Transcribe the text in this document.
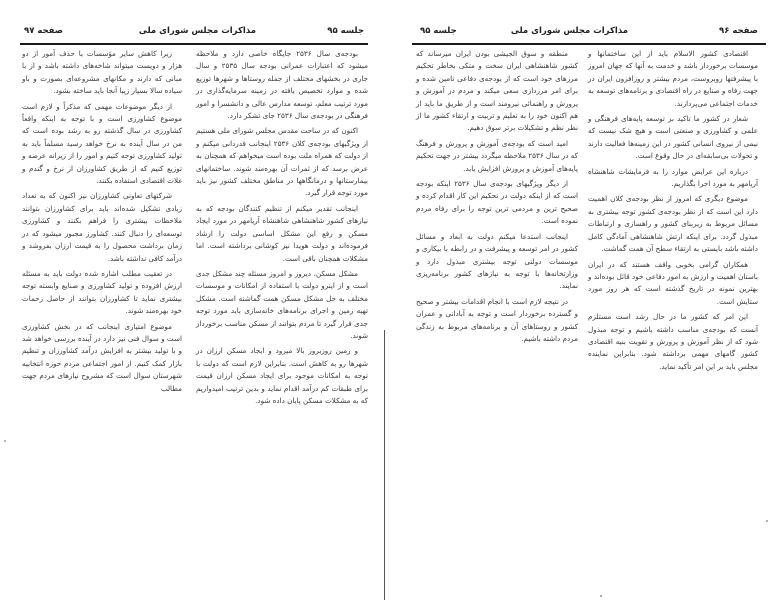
جلسه ۹۵
مذاکرات مجلس شورای ملی
صفحه ۹۷

زیرا کاهش سایر مؤسسات با حذف آمور از دو هزار و دویست میتواند شاخه‌های داشته باشد و از با مبانی که دارند و مکانهای مشروعه‌ای بصورت و باو سیاده سالا بسیار زیبا آنجا باید ساخته بشود.

از دیگر موضوعات مهمی که مذکراً و لازم است موضوع کشاورزی است و با توجه به اینکه واقعاً کشاورزی در سال گذشته رو به رشد بوده است که من در سال آینده به نرخ خواهد رسید مسلماً باید به تولید کشاورزی توجه کنیم و امور را از زیرانه عرضه و توزیع کنیم که از طریق کشاورزان از نرخ و گندم و غلات اقتصادی استفاده بکنند.

شرکتهای تعاونی کشاورزان نیز اکنون که به تعداد زیادی تشکیل شده‌اند باید برای کشاورزان بتوانند ملاحظات بیشتری را فراهم بکنند و کشاورزی توسعه‌ای را دنبال کنند. کشاورز مجبور میشود که در زمان برداشت محصول را به قیمت ارزان بفروشد و درآمد کافی نداشته باشد.

در تعقیب مطلب اشاره شده دولت باید به مسئله ارزش افزوده و تولید کشاورزی و صنایع وابسته توجه بیشتری نماید تا کشاورزان بتوانند از حاصل زحمات خود بهره‌مند شوند.

موضوع امتیازی اینجانب که در بخش کشاورزی است و سوال فنی نیز دارد در آینده بررسی خواهد شد و با تولید بیشتر به افزایش درآمد کشاورزان و تنظیم بازار کمک کنیم. از امور اجتماعی مردم حوزه انتخابیه شهرستان سوال است که مشروح نیازهای مردم جهت مطالب

بودجه‌ی سال ۲۵۳۶ جایگاه خاصی دارد و ملاحظه میشود که اعتبارات عمرانی بودجه سال ۲۵۳۵ و سال جاری در بخشهای مختلف از جمله روستاها و شهرها توزیع شده و موارد تخصیص یافته در زمینه سرمایه‌گذاری در مورد ترتیب معلم، توسعه مدارس عالی و دانشسرا و امور فرهنگی در بودجه‌ی سال ۲۵۳۶ جای تشکر دارد.

اکنون که در ساحت مقدس مجلس شورای ملی هستیم از ویژگیهای بودجه‌ی کلان ۲۵۳۶ اینجانب قدردانی میکنم و از دولت که همراه ملت بوده است میخواهم که همچنان به عرض برسد که از ثمرات آن بهره‌مند شوند. ساختمانهای بیمارستانها و درمانگاهها در مناطق مختلف کشور نیز باید مورد توجه قرار گیرد.

اینجانب تقدیر میکنم از تنظیم کنندگان بودجه که به نیازهای کشور شاهنشاهی شاهنشاه آریامهر در مورد ایجاد مسکن و رفع این مشکل اساسی دولت را ارشاد فرموده‌اند و دولت هویدا نیز کوشانی برداشته است. اما مشکلات همچنان باقی است.

مشکل مسکن، دیروز و امروز مسئله چند مشکل جدی است و از اینرو دولت با استفاده از امکانات و موسسات مختلف به حل مشکل مسکن همت گماشته است. مشکل تهیه زمین و اجرای برنامه‌های خانه‌سازی باید مورد توجه جدی قرار گیرد تا مردم بتوانند از مسکن مناسب برخوردار شوند.

و زمین روزبروز بالا میرود و ایجاد مسکن ارزان در شهرها رو به کاهش است. بنابراین لازم است که دولت با توجه به امکانات موجود برای ایجاد مسکن ارزان قیمت برای طبقات کم درآمد اقدام نماید و بدین ترتیب امیدواریم که به مشکلات مسکن پایان داده شود.

صفحه ۹۶
مذاکرات مجلس شورای ملی
جلسه ۹۵

منطقه و سوق الجیشی بودن ایران میرساند که کشور شاهنشاهی ایران سخت و متکی بخاطر تحکیم مرزهای خود است که از بودجه‌ی دفاعی تامین شده و برای امر مرزداری سعی میکند و مردم در آموزش و پرورش و راهنمائی نیرومند است و از طریق ما باید از هم اکنون خود را به تعلیم و تربیت و ارتقاء کشور ما از نظر نظم و تشکیلات برتر سوق دهیم.

امید است که بودجه‌ی آموزش و پرورش و فرهنگ که در سال ۲۵۳۶ ملاحظه میگردد بیشتر در جهت تحکیم پایه‌های آموزش و پرورش افزایش یابد.

از دیگر ویژگیهای بودجه‌ی سال ۲۵۳۶ اینکه بودجه است که از اینکه دولت در تحکیم این کار اقدام کرده و صحیح ترین و مردمی ترین توجه را برای رفاه مردم نموده است.

اینجانب استدعا میکنم دولت به ابعاد و مسائل کشور در امر توسعه و پیشرفت و در رابطه با بیکاری و موسسات دولتی توجه بیشتری مبذول دارد و وزارتخانه‌ها با توجه به نیازهای کشور برنامه‌ریزی نمایند.

در نتیجه لازم است با انجام اقدامات بیشتر و صحیح و گسترده برخوردار است و توجه به آبادانی و عمران کشور و روستاهای آن و برنامه‌های مربوط به زندگی مردم داشته باشیم.

اقتصادی کشور الاسلام باید از این ساختمانها و موسسات برخوردار باشد و خدمت به آنها که جهان امروز با پیشرفتها روبروست، مردم بیشتر و روزافزون ایران در جهت رفاه و صنایع در راه اقتصادی و برنامه‌های توسعه به خدمات اجتماعی می‌پردازند.

شعار در کشور ما تاکید بر توسعه پایه‌های فرهنگی و علمی و کشاورزی و صنعتی است و هیچ شک نیست که نیمی از نیروی انسانی کشور در این زمینه‌ها فعالیت دارند و تحولات بی‌سابقه‌ای در حال وقوع است.

درباره این عرایض موارد را به فرمایشات شاهنشاه آریامهر به مورد اجرا بگذاریم.

موضوع دیگری که امروز از نظر بودجه‌ی کلان اهمیت دارد این است که از نظر بودجه‌ی کشور توجه بیشتری به مسائل مربوط به زیربنای کشور و راهسازی و ارتباطات مبذول گردد. برای اینکه ارتش شاهنشاهی آمادگی کامل داشته باشد بایستی به ارتقاء سطح آن همت گماشت.

همکاران گرامی بخوبی واقف هستند که در ایران باستان اهمیت و ارزش به امور دفاعی خود قائل بوده‌اند و بهترین نمونه در تاریخ گذشته است که هر روز مورد ستایش است.

این امر که کشور ما در حال رشد است مستلزم آنست که بودجه‌ی مناسب داشته باشیم و توجه مبذول شود که از نظر آموزش و پرورش و تقویت بنیه اقتصادی کشور گامهای مهمی برداشته شود. بنابراین نماینده مجلس باید بر این امر تأکید نماید.
